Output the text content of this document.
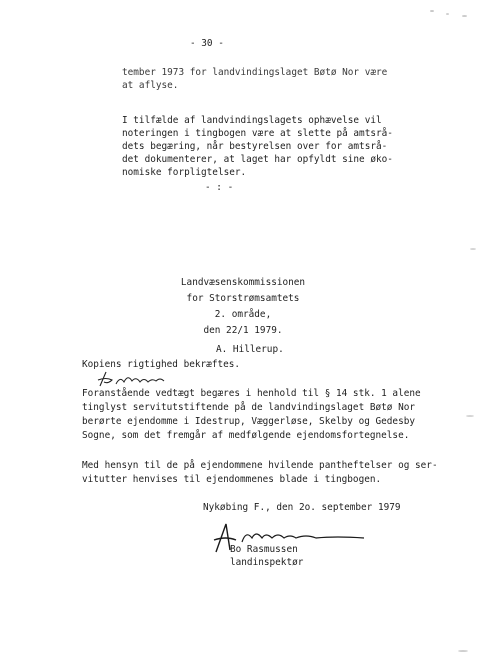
- 30 -
tember 1973 for landvindingslaget Bøtø Nor være
at aflyse.
I tilfælde af landvindingslagets ophævelse vil
noteringen i tingbogen være at slette på amtsrå-
dets begæring, når bestyrelsen over for amtsrå-
det dokumenterer, at laget har opfyldt sine øko-
nomiske forpligtelser.
- : -
Landvæsenskommissionen
for Storstrømsamtets
2. område,
den 22/1 1979.
A. Hillerup.
Kopiens rigtighed bekræftes.
Foranstående vedtægt begæres i henhold til § 14 stk. 1 alene
tinglyst servitutstiftende på de landvindingslaget Bøtø Nor
berørte ejendomme i Idestrup, Væggerløse, Skelby og Gedesby
Sogne, som det fremgår af medfølgende ejendomsfortegnelse.
Med hensyn til de på ejendommene hvilende pantheftelser og ser-
vitutter henvises til ejendommenes blade i tingbogen.
Nykøbing F., den 2o. september 1979
Bo Rasmussen
landinspektør
